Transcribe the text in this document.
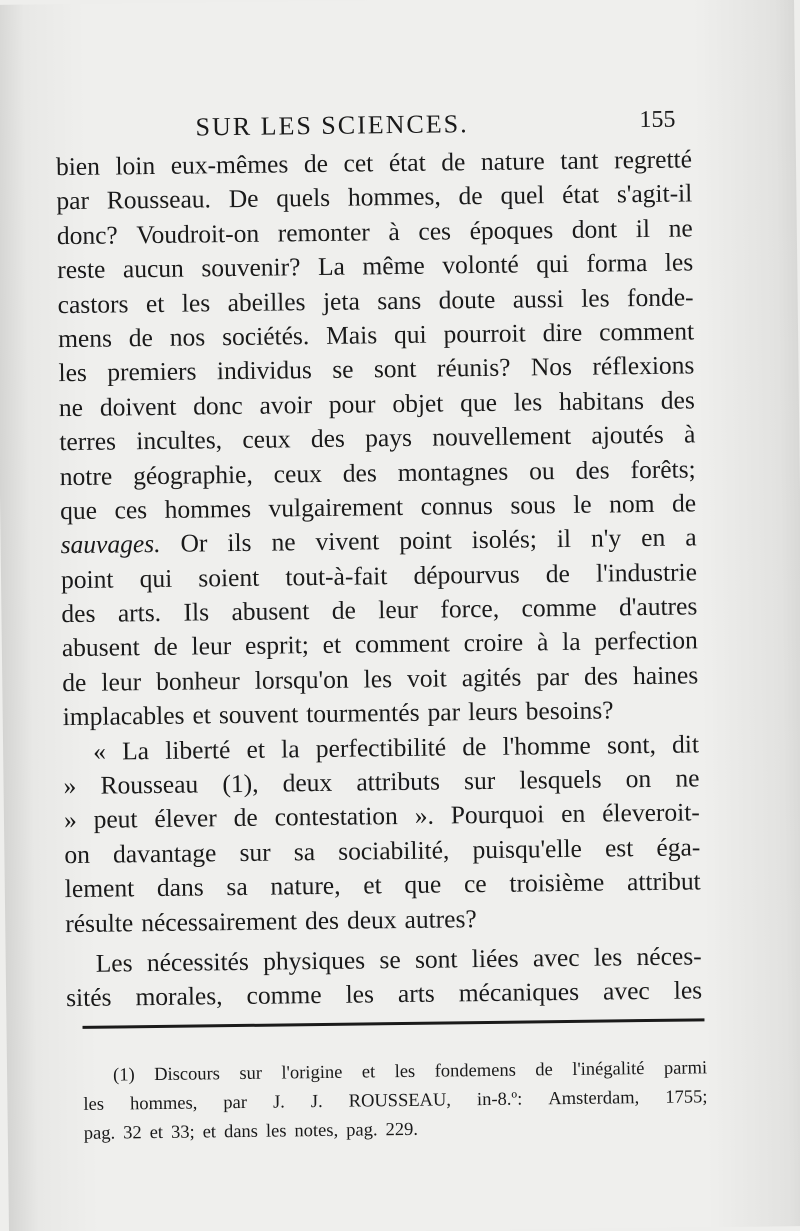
SUR LES SCIENCES.	155
bien loin eux-mêmes de cet état de nature tant regretté
par Rousseau. De quels hommes, de quel état s'agit-il
donc? Voudroit-on remonter à ces époques dont il ne
reste aucun souvenir? La même volonté qui forma les
castors et les abeilles jeta sans doute aussi les fonde-
mens de nos sociétés. Mais qui pourroit dire comment
les premiers individus se sont réunis? Nos réflexions
ne doivent donc avoir pour objet que les habitans des
terres incultes, ceux des pays nouvellement ajoutés à
notre géographie, ceux des montagnes ou des forêts;
que ces hommes vulgairement connus sous le nom de
sauvages. Or ils ne vivent point isolés; il n'y en a
point qui soient tout-à-fait dépourvus de l'industrie
des arts. Ils abusent de leur force, comme d'autres
abusent de leur esprit; et comment croire à la perfection
de leur bonheur lorsqu'on les voit agités par des haines
implacables et souvent tourmentés par leurs besoins?
« La liberté et la perfectibilité de l'homme sont, dit
» Rousseau (1), deux attributs sur lesquels on ne
» peut élever de contestation ». Pourquoi en éleveroit-
on davantage sur sa sociabilité, puisqu'elle est éga-
lement dans sa nature, et que ce troisième attribut
résulte nécessairement des deux autres?
Les nécessités physiques se sont liées avec les néces-
sités morales, comme les arts mécaniques avec les
(1) Discours sur l'origine et les fondemens de l'inégalité parmi
les hommes, par J. J. ROUSSEAU, in-8.º: Amsterdam, 1755;
pag. 32 et 33; et dans les notes, pag. 229.
